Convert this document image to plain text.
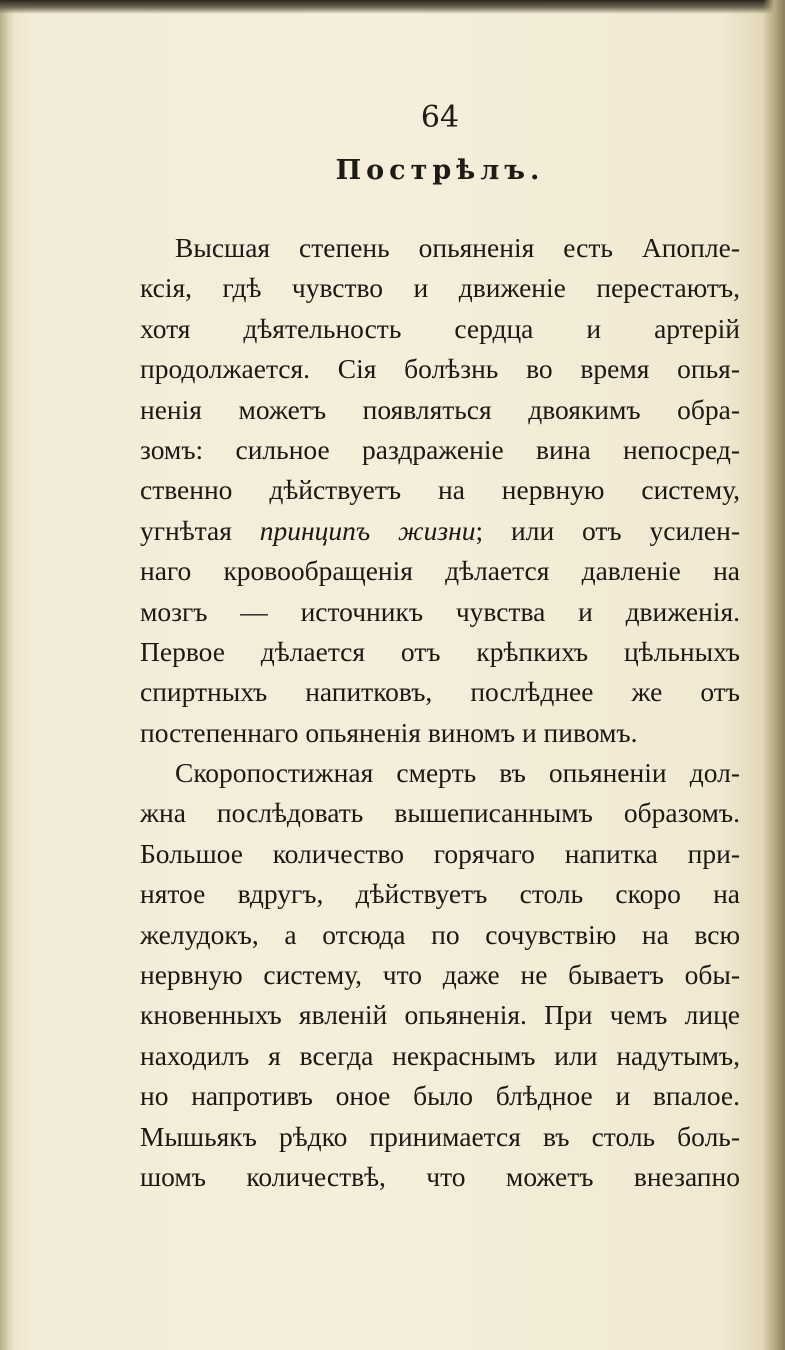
64
Пострѣлъ.
Высшая степень опьяненія есть Апопле-
ксія, гдѣ чувство и движеніе перестаютъ,
хотя дѣятельность сердца и артерій
продолжается. Сія болѣзнь во время опья-
ненія можетъ появляться двоякимъ обра-
зомъ: сильное раздраженіе вина непосред-
ственно дѣйствуетъ на нервную систему,
угнѣтая принципъ жизни; или отъ усилен-
наго кровообращенія дѣлается давленіе на
мозгъ — источникъ чувства и движенія.
Первое дѣлается отъ крѣпкихъ цѣльныхъ
спиртныхъ напитковъ, послѣднее же отъ
постепеннаго опьяненія виномъ и пивомъ.
Скоропостижная смерть въ опьяненіи дол-
жна послѣдовать вышеписаннымъ образомъ.
Большое количество горячаго напитка при-
нятое вдругъ, дѣйствуетъ столь скоро на
желудокъ, а отсюда по сочувствію на всю
нервную систему, что даже не бываетъ обы-
кновенныхъ явленій опьяненія. При чемъ лице
находилъ я всегда некраснымъ или надутымъ,
но напротивъ оное было блѣдное и впалое.
Мышьякъ рѣдко принимается въ столь боль-
шомъ количествѣ, что можетъ внезапно
